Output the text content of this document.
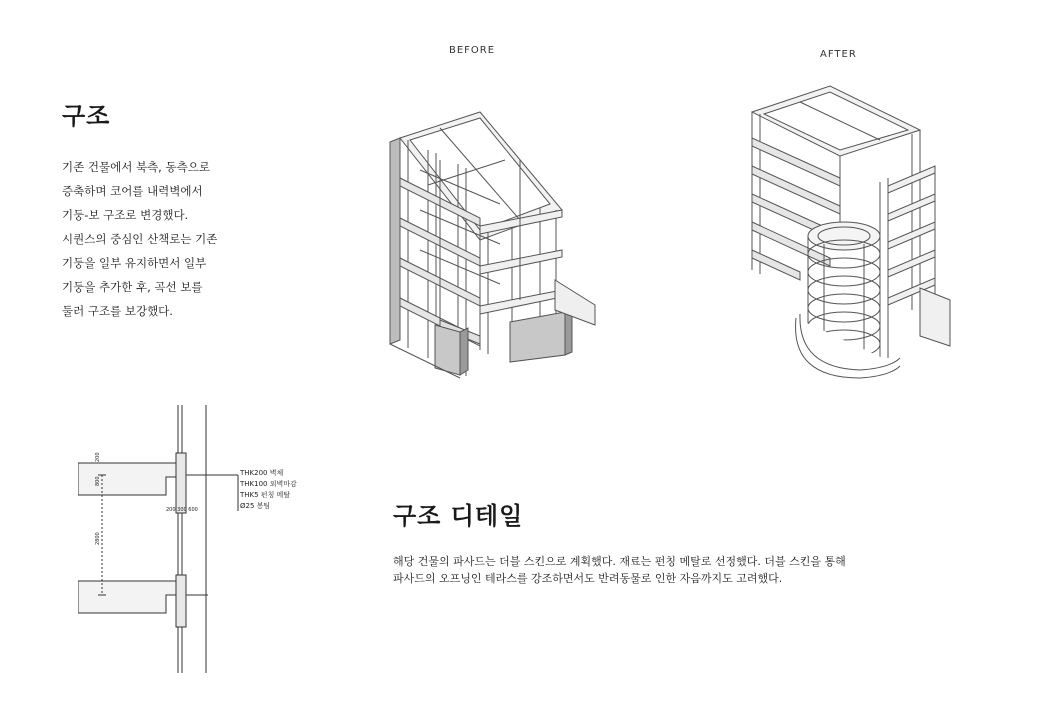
구조
기존 건물에서 북측, 동측으로
증축하며 코어를 내력벽에서
기둥-보 구조로 변경했다.
시퀀스의 중심인 산책로는 기존
기둥을 일부 유지하면서 일부
기둥을 추가한 후, 곡선 보를
둘러 구조를 보강했다.
BEFORE	AFTER
THK200 벽체
THK100 외벽마감
THK5 펀칭 메탈
Ø25 봉팀
200
800
200 300 600
2800
구조 디테일
해당 건물의 파사드는 더블 스킨으로 계획했다. 재료는 펀칭 메탈로 선정했다. 더블 스킨을 통해
파사드의 오프닝인 테라스를 강조하면서도 반려동물로 인한 자음까지도 고려했다.
